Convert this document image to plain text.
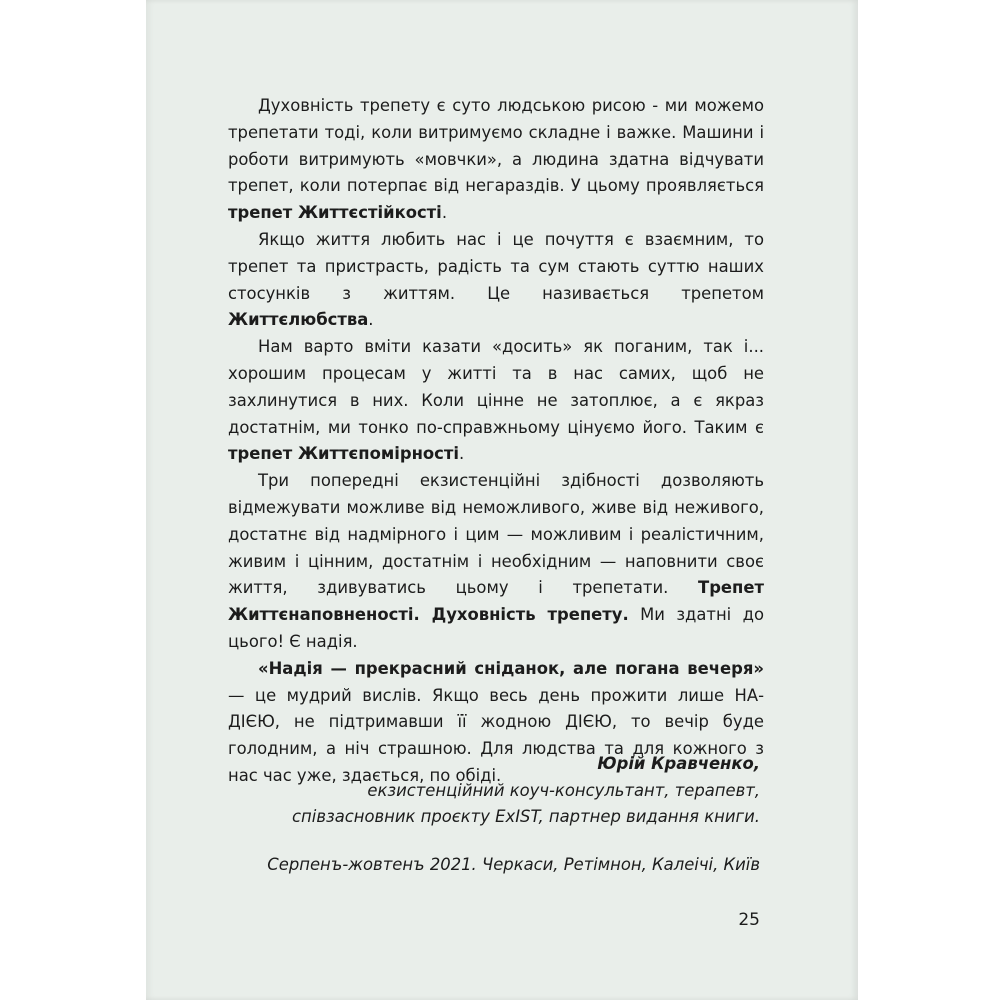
Духовність трепету є суто людською рисою - ми можемо трепетати тоді, коли витримуємо складне і важке. Машини і роботи витримують «мовчки», а людина здатна відчувати трепет, коли потерпає від негараздів. У цьому проявляється трепет Життєстійкості.

Якщо життя любить нас і це почуття є взаємним, то трепет та пристрасть, радість та сум стають суттю наших стосунків з життям. Це називається трепетом Життєлюбства.

Нам варто вміти казати «досить» як поганим, так і... хорошим процесам у житті та в нас самих, щоб не захлинутися в них. Коли цінне не затоплює, а є якраз достатнім, ми тонко по-справжньому цінуємо його. Таким є трепет Життєпомірності.

Три попередні екзистенційні здібності дозволяють відмежувати можливе від неможливого, живе від неживого, достатнє від надмірного і цим — можливим і реалістичним, живим і цінним, достатнім і необхідним — наповнити своє життя, здивуватись цьому і трепетати. Трепет Життєнаповненості. Духовність трепету. Ми здатні до цього! Є надія.

«Надія — прекрасний сніданок, але погана вечеря» — це мудрий вислів. Якщо весь день прожити лише НА-ДІЄЮ, не підтримавши її жодною ДІЄЮ, то вечір буде голодним, а ніч страшною. Для людства та для кожного з нас час уже, здається, по обіді.

Юрій Кравченко,
екзистенційний коуч-консультант, терапевт,
співзасновник проєкту ExIST, партнер видання книги.
Серпенъ-жовтенъ 2021. Черкаси, Ретімнон, Калеічі, Київ
25
